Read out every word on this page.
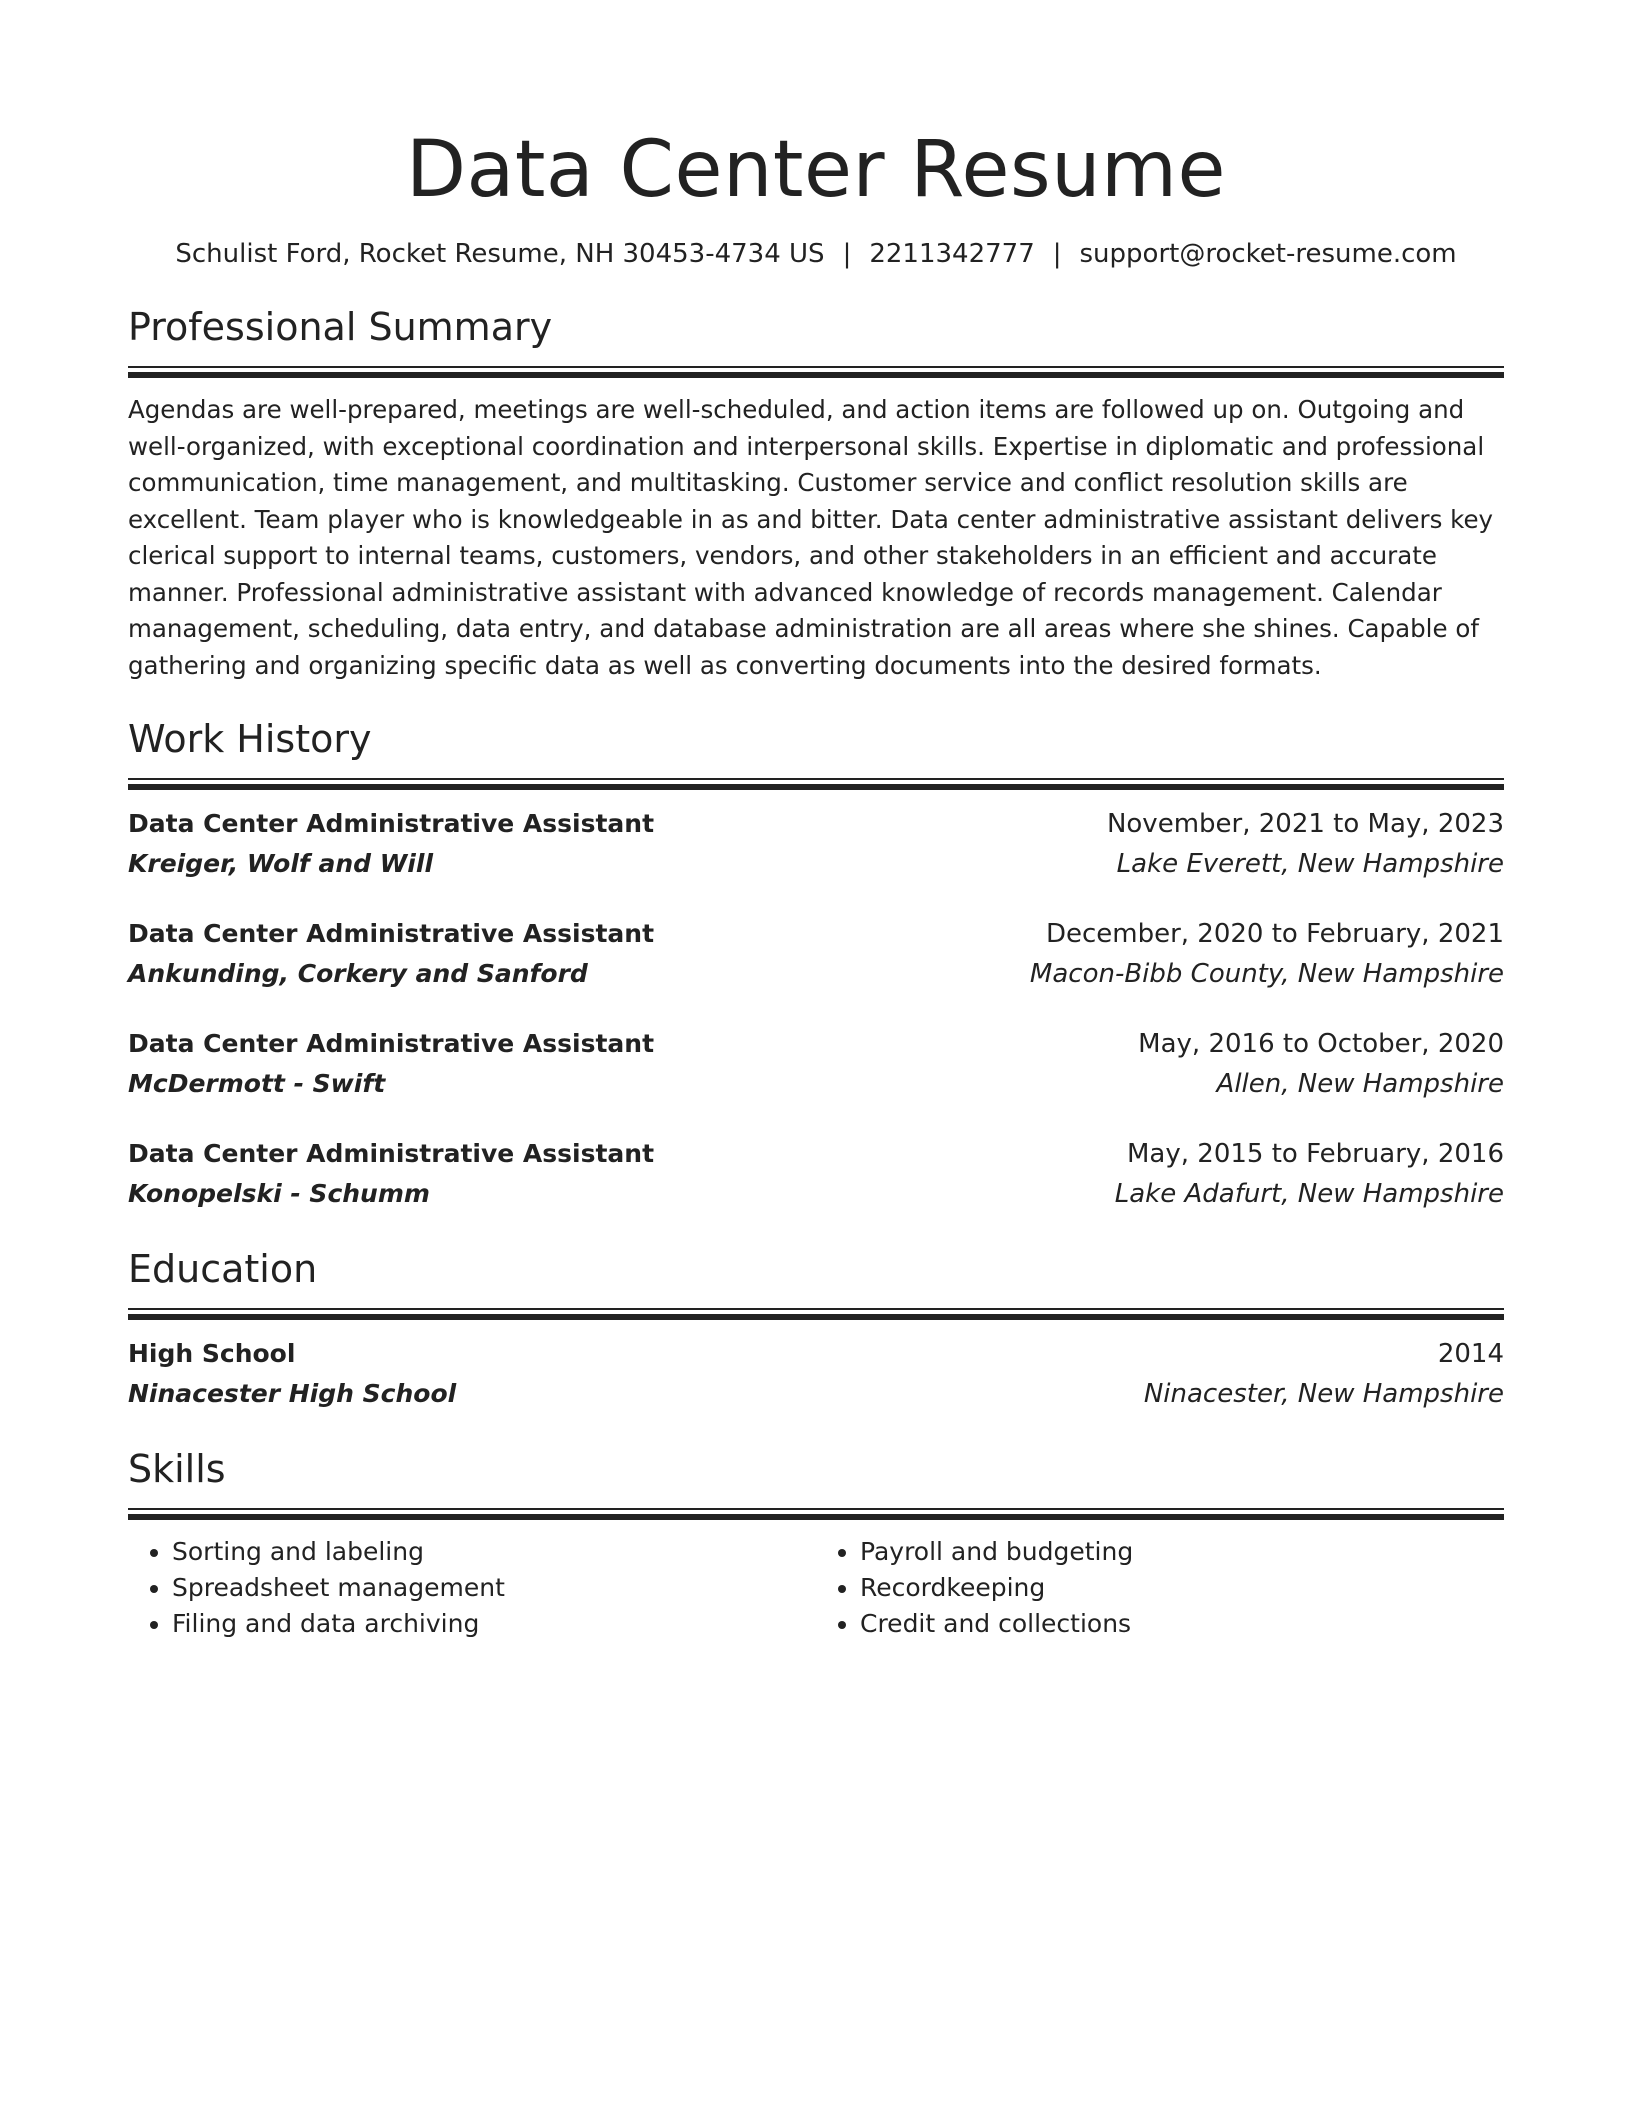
Data Center Resume
Schulist Ford, Rocket Resume, NH 30453-4734 US | 2211342777 | support@rocket-resume.com
Professional Summary

Agendas are well-prepared, meetings are well-scheduled, and action items are followed up on. Outgoing and well-organized, with exceptional coordination and interpersonal skills. Expertise in diplomatic and professional communication, time management, and multitasking. Customer service and conflict resolution skills are excellent. Team player who is knowledgeable in as and bitter. Data center administrative assistant delivers key clerical support to internal teams, customers, vendors, and other stakeholders in an efficient and accurate manner. Professional administrative assistant with advanced knowledge of records management. Calendar management, scheduling, data entry, and database administration are all areas where she shines. Capable of gathering and organizing specific data as well as converting documents into the desired formats.

Work History
Data Center Administrative Assistant	November, 2021 to May, 2023
Kreiger, Wolf and Will	Lake Everett, New Hampshire
Data Center Administrative Assistant	December, 2020 to February, 2021
Ankunding, Corkery and Sanford	Macon-Bibb County, New Hampshire
Data Center Administrative Assistant	May, 2016 to October, 2020
McDermott - Swift	Allen, New Hampshire
Data Center Administrative Assistant	May, 2015 to February, 2016
Konopelski - Schumm	Lake Adafurt, New Hampshire
Education
High School	2014
Ninacester High School	Ninacester, New Hampshire
Skills
• Sorting and labeling
• Spreadsheet management
• Filing and data archiving
• Payroll and budgeting
• Recordkeeping
• Credit and collections
